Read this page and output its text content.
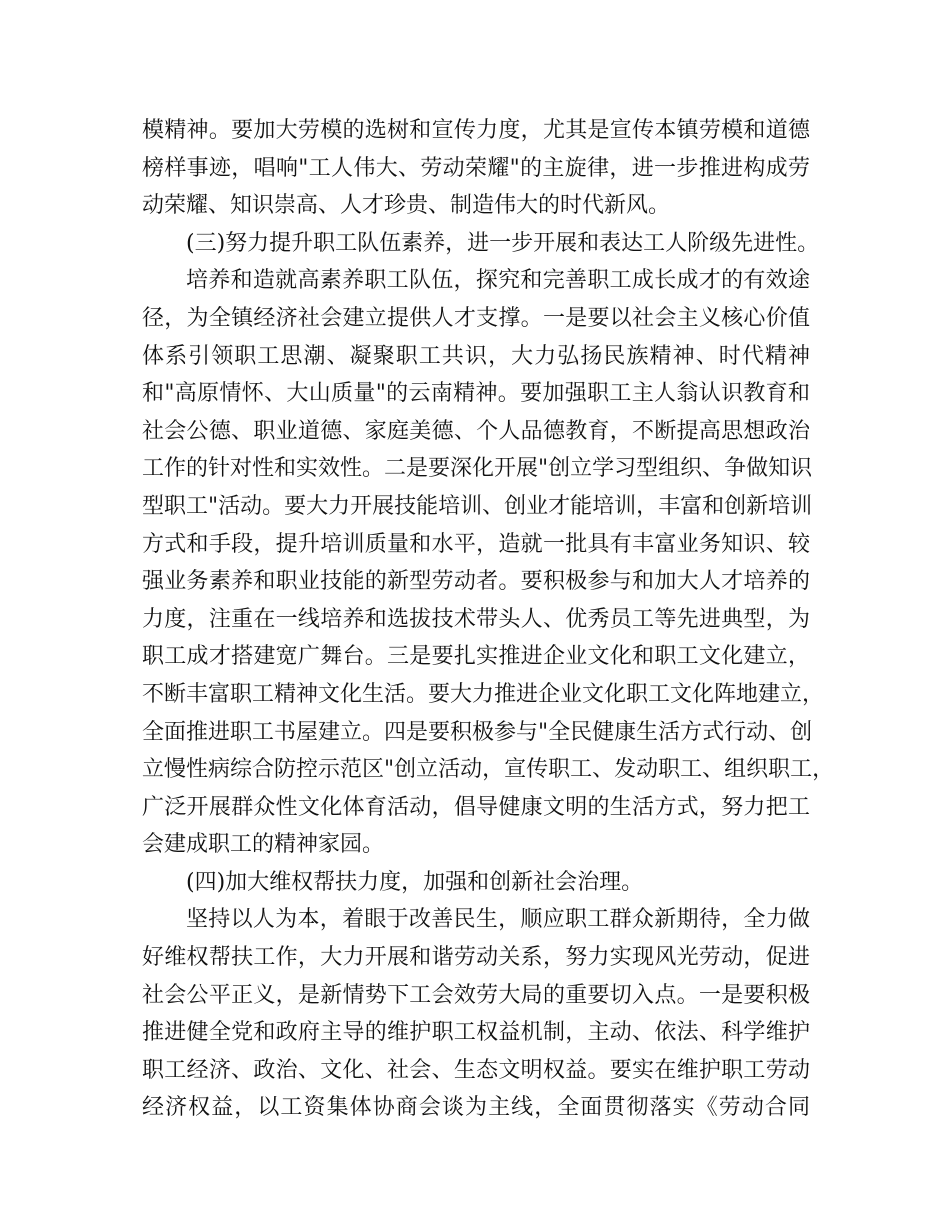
模精神。要加大劳模的选树和宣传力度，尤其是宣传本镇劳模和道德
榜样事迹，唱响"工人伟大、劳动荣耀"的主旋律，进一步推进构成劳
动荣耀、知识崇高、人才珍贵、制造伟大的时代新风。
(三)努力提升职工队伍素养，进一步开展和表达工人阶级先进性。
培养和造就高素养职工队伍，探究和完善职工成长成才的有效途
径，为全镇经济社会建立提供人才支撑。一是要以社会主义核心价值
体系引领职工思潮、凝聚职工共识，大力弘扬民族精神、时代精神
和"高原情怀、大山质量"的云南精神。要加强职工主人翁认识教育和
社会公德、职业道德、家庭美德、个人品德教育，不断提高思想政治
工作的针对性和实效性。二是要深化开展"创立学习型组织、争做知识
型职工"活动。要大力开展技能培训、创业才能培训，丰富和创新培训
方式和手段，提升培训质量和水平，造就一批具有丰富业务知识、较
强业务素养和职业技能的新型劳动者。要积极参与和加大人才培养的
力度，注重在一线培养和选拔技术带头人、优秀员工等先进典型，为
职工成才搭建宽广舞台。三是要扎实推进企业文化和职工文化建立，
不断丰富职工精神文化生活。要大力推进企业文化职工文化阵地建立，
全面推进职工书屋建立。四是要积极参与"全民健康生活方式行动、创
立慢性病综合防控示范区"创立活动，宣传职工、发动职工、组织职工，
广泛开展群众性文化体育活动，倡导健康文明的生活方式，努力把工
会建成职工的精神家园。
(四)加大维权帮扶力度，加强和创新社会治理。
坚持以人为本，着眼于改善民生，顺应职工群众新期待，全力做
好维权帮扶工作，大力开展和谐劳动关系，努力实现风光劳动，促进
社会公平正义，是新情势下工会效劳大局的重要切入点。一是要积极
推进健全党和政府主导的维护职工权益机制，主动、依法、科学维护
职工经济、政治、文化、社会、生态文明权益。要实在维护职工劳动
经济权益，以工资集体协商会谈为主线，全面贯彻落实《劳动合同
